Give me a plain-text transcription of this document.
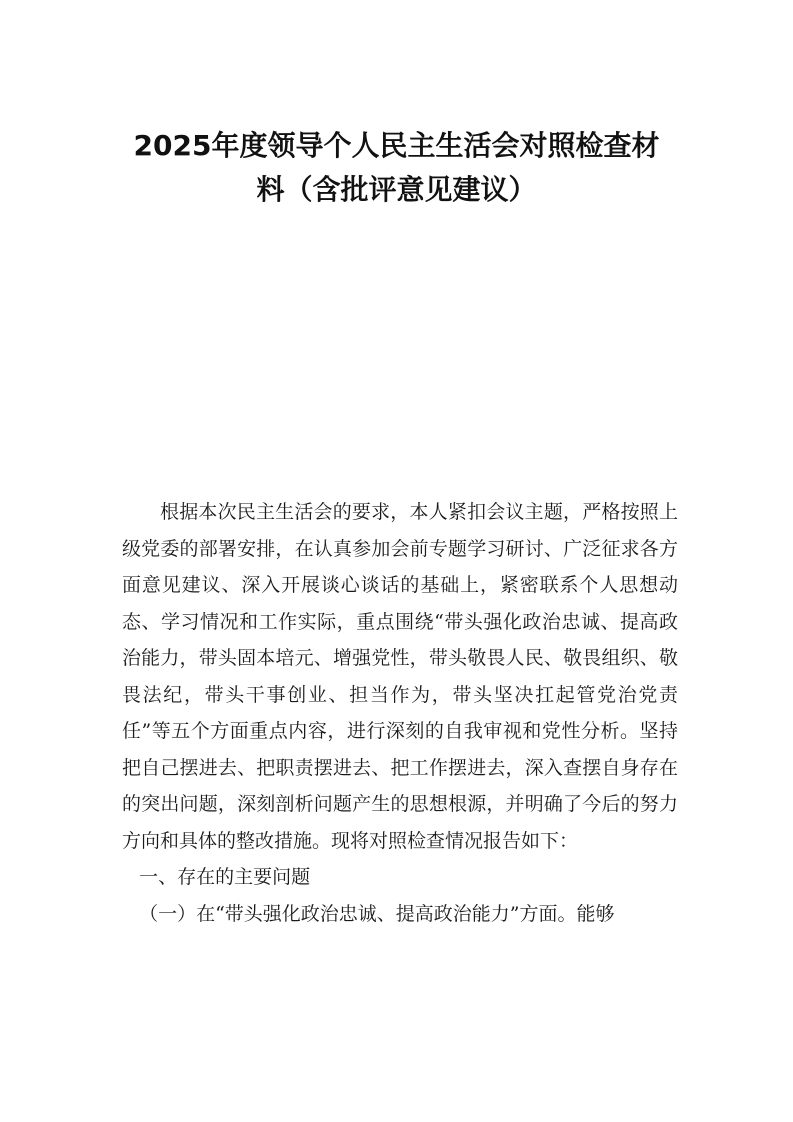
2025年度领导个人民主生活会对照检查材
料（含批评意见建议）

根据本次民主生活会的要求，本人紧扣会议主题，严格按照上级党委的部署安排，在认真参加会前专题学习研讨、广泛征求各方面意见建议、深入开展谈心谈话的基础上，紧密联系个人思想动态、学习情况和工作实际，重点围绕“带头强化政治忠诚、提高政治能力，带头固本培元、增强党性，带头敬畏人民、敬畏组织、敬畏法纪，带头干事创业、担当作为，带头坚决扛起管党治党责任”等五个方面重点内容，进行深刻的自我审视和党性分析。坚持把自己摆进去、把职责摆进去、把工作摆进去，深入查摆自身存在的突出问题，深刻剖析问题产生的思想根源，并明确了今后的努力方向和具体的整改措施。现将对照检查情况报告如下：

一、存在的主要问题

（一）在“带头强化政治忠诚、提高政治能力”方面。能够
